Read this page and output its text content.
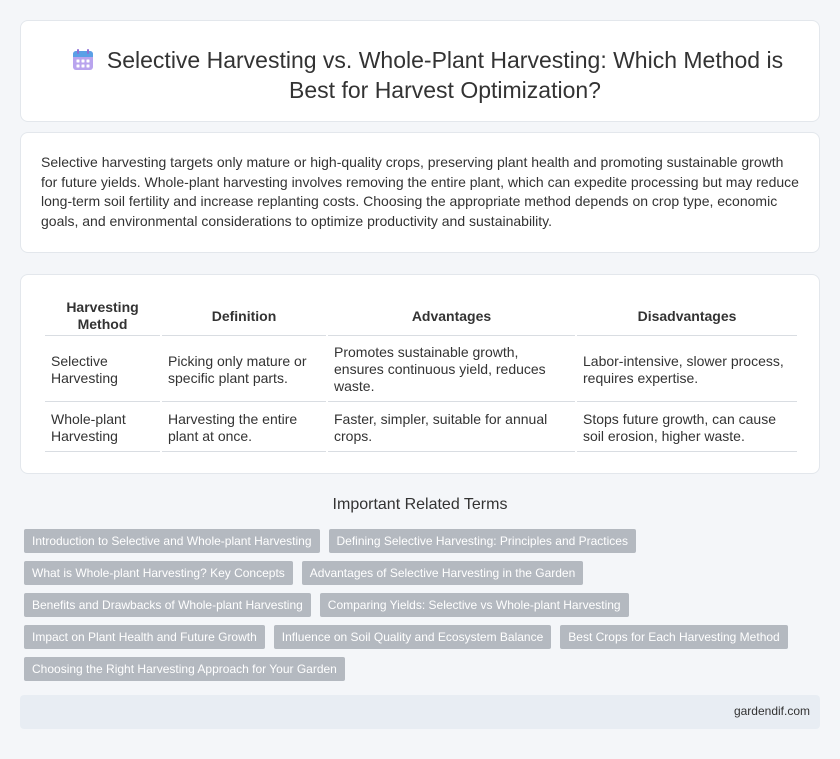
Selective Harvesting vs. Whole-Plant Harvesting: Which Method is Best for Harvest Optimization?

Selective harvesting targets only mature or high-quality crops, preserving plant health and promoting sustainable growth for future yields. Whole-plant harvesting involves removing the entire plant, which can expedite processing but may reduce long-term soil fertility and increase replanting costs. Choosing the appropriate method depends on crop type, economic goals, and environmental considerations to optimize productivity and sustainability.

Harvesting Method	Definition	Advantages	Disadvantages
Selective Harvesting	Picking only mature or specific plant parts.	Promotes sustainable growth, ensures continuous yield, reduces waste.	Labor-intensive, slower process, requires expertise.
Whole-plant Harvesting	Harvesting the entire plant at once.	Faster, simpler, suitable for annual crops.	Stops future growth, can cause soil erosion, higher waste.
Important Related Terms
Introduction to Selective and Whole-plant Harvesting	Defining Selective Harvesting: Principles and Practices
What is Whole-plant Harvesting? Key Concepts	Advantages of Selective Harvesting in the Garden
Benefits and Drawbacks of Whole-plant Harvesting	Comparing Yields: Selective vs Whole-plant Harvesting
Impact on Plant Health and Future Growth	Influence on Soil Quality and Ecosystem Balance	Best Crops for Each Harvesting Method
Choosing the Right Harvesting Approach for Your Garden
gardendif.com
